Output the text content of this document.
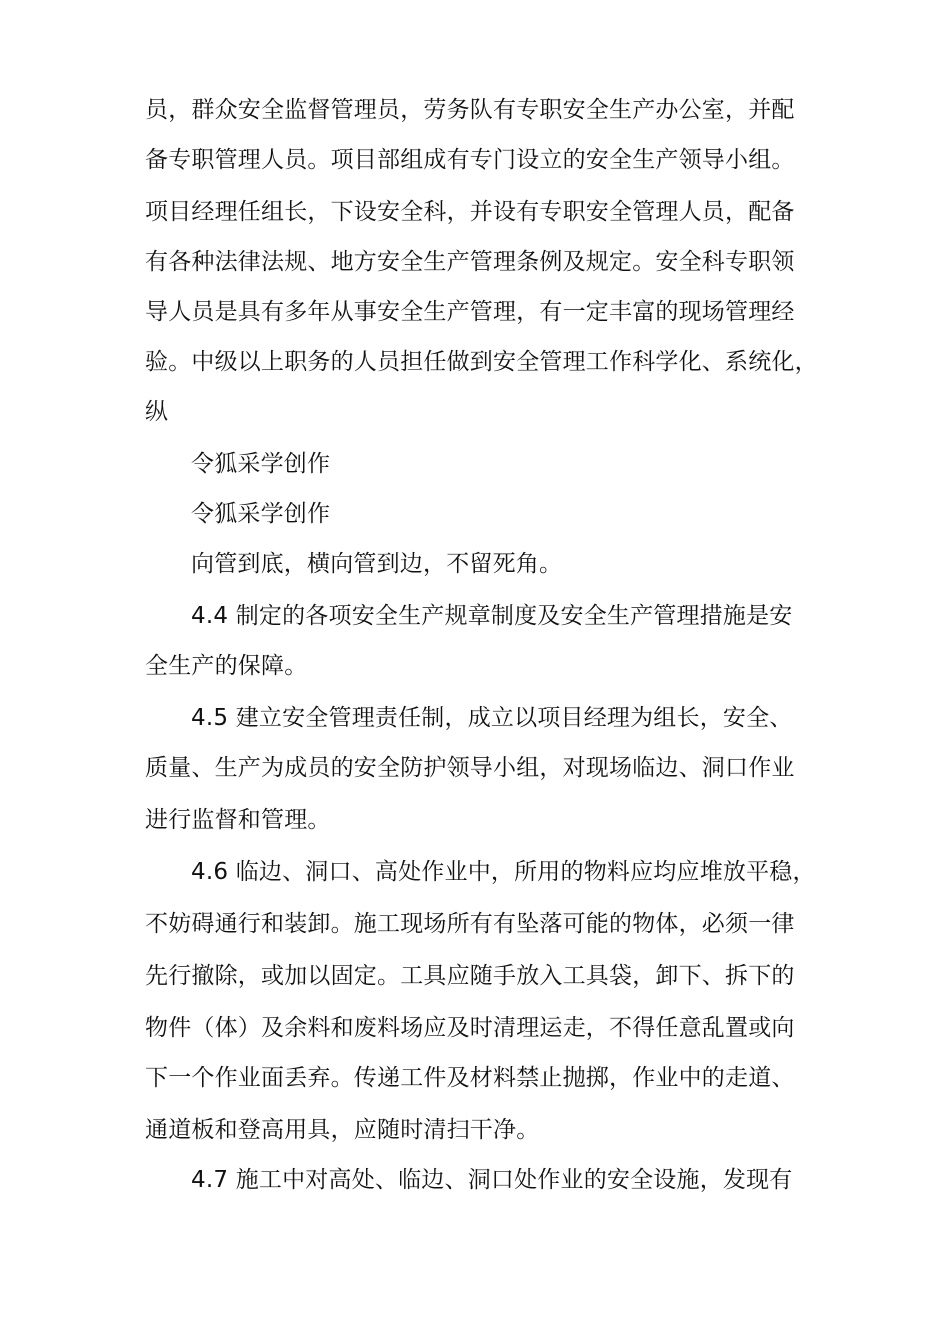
员，群众安全监督管理员，劳务队有专职安全生产办公室，并配
备专职管理人员。项目部组成有专门设立的安全生产领导小组。
项目经理任组长，下设安全科，并设有专职安全管理人员，配备
有各种法律法规、地方安全生产管理条例及规定。安全科专职领
导人员是具有多年从事安全生产管理，有一定丰富的现场管理经
验。中级以上职务的人员担任做到安全管理工作科学化、系统化，
纵
令狐采学创作
令狐采学创作
向管到底，横向管到边，不留死角。
4.4 制定的各项安全生产规章制度及安全生产管理措施是安
全生产的保障。
4.5 建立安全管理责任制，成立以项目经理为组长，安全、
质量、生产为成员的安全防护领导小组，对现场临边、洞口作业
进行监督和管理。
4.6 临边、洞口、高处作业中，所用的物料应均应堆放平稳，
不妨碍通行和装卸。施工现场所有有坠落可能的物体，必须一律
先行撤除，或加以固定。工具应随手放入工具袋，卸下、拆下的
物件（体）及余料和废料场应及时清理运走，不得任意乱置或向
下一个作业面丢弃。传递工件及材料禁止抛掷，作业中的走道、
通道板和登高用具，应随时清扫干净。
4.7 施工中对高处、临边、洞口处作业的安全设施，发现有
